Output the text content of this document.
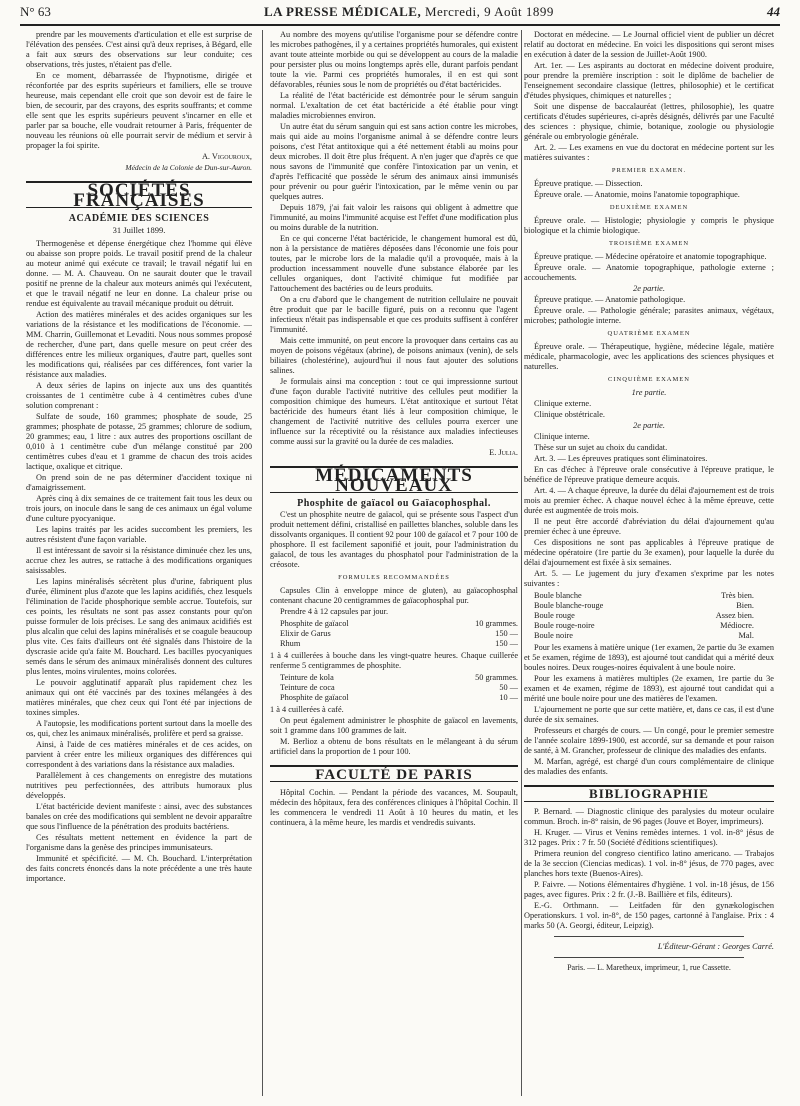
N° 63	LA PRESSE MÉDICALE, Mercredi, 9 Août 1899	44

prendre par les mouvements d'articulation et elle est surprise de l'élévation des pensées. C'est ainsi qu'à deux reprises, à Bégard, elle a fait aux sœurs des observations sur leur conduite; ces observations, très justes, n'étaient pas d'elle.

En ce moment, débarrassée de l'hypnotisme, dirigée et réconfortée par des esprits supérieurs et familiers, elle se trouve heureuse, mais cependant elle croit que son devoir est de faire le bien, de secourir, par des crayons, des esprits souffrants; et comme elle sent que les esprits supérieurs peuvent s'incarner en elle et parler par sa bouche, elle voudrait retourner à Paris, fréquenter de nouveau les réunions où elle pourrait servir de médium et servir à propager la foi spirite.

A. Vigouroux,

Médecin de la Colonie de Dun-sur-Auron.

SOCIÉTÉS FRANÇAISES
ACADÉMIE DES SCIENCES
31 Juillet 1899.

Thermogenèse et dépense énergétique chez l'homme qui élève ou abaisse son propre poids. Le travail positif prend de la chaleur au moteur animé qui exécute ce travail; le travail négatif lui en donne. — M. A. Chauveau. On ne saurait douter que le travail positif ne prenne de la chaleur aux moteurs animés qui l'exécutent, et que le travail négatif ne leur en donne. La chaleur prise ou rendue est équivalente au travail mécanique produit ou détruit.

Action des matières minérales et des acides organiques sur les variations de la résistance et les modifications de l'économie. — MM. Charrin, Guillemonat et Levaditi. Nous nous sommes proposé de rechercher, d'une part, dans quelle mesure on peut créer des différences entre les milieux organiques, d'autre part, quelles sont les modifications qui, réalisées par ces différences, font varier la résistance aux maladies.

A deux séries de lapins on injecte aux uns des quantités croissantes de 1 centimètre cube à 4 centimètres cubes d'une solution comprenant :

Sulfate de soude, 160 grammes; phosphate de soude, 25 grammes; phosphate de potasse, 25 grammes; chlorure de sodium, 20 grammes; eau, 1 litre : aux autres des proportions oscillant de 0,010 à 1 centimètre cube d'un mélange constitué par 200 centimètres cubes d'eau et 1 gramme de chacun des trois acides lactique, oxalique et citrique.

On prend soin de ne pas déterminer d'accident toxique ni d'amaigrissement.

Après cinq à dix semaines de ce traitement fait tous les deux ou trois jours, on inocule dans le sang de ces animaux un égal volume d'une culture pyocyanique.

Les lapins traités par les acides succombent les premiers, les autres résistent d'une façon variable.

Il est intéressant de savoir si la résistance diminuée chez les uns, accrue chez les autres, se rattache à des modifications organiques saisissables.

Les lapins minéralisés sécrètent plus d'urine, fabriquent plus d'urée, éliminent plus d'azote que les lapins acidifiés, chez lesquels l'élimination de l'acide phosphorique semble accrue. Toutefois, sur ces points, les résultats ne sont pas assez constants pour qu'on puisse formuler de lois précises. Le sang des animaux acidifiés est plus alcalin que celui des lapins minéralisés et se coagule beaucoup plus vite. Ces faits d'ailleurs ont été signalés dans l'histoire de la dyscrasie acide qu'a faite M. Bouchard. Les bacilles pyocyaniques semés dans le sérum des animaux minéralisés donnent des cultures plus lentes, moins virulentes, moins colorées.

Le pouvoir agglutinatif apparaît plus rapidement chez les animaux qui ont été vaccinés par des toxines mélangées à des matières minérales, que chez ceux qui l'ont été par injections de toxines simples.

A l'autopsie, les modifications portent surtout dans la moelle des os, qui, chez les animaux minéralisés, prolifère et perd sa graisse.

Ainsi, à l'aide de ces matières minérales et de ces acides, on parvient à créer entre les milieux organiques des différences qui correspondent à des variations dans la résistance aux maladies.

Parallèlement à ces changements on enregistre des mutations nutritives peu perfectionnées, des attributs humoraux plus développés.

L'état bactéricide devient manifeste : ainsi, avec des substances banales on crée des modifications qui semblent ne devoir apparaître que sous l'influence de la pénétration des produits bactériens.

Ces résultats mettent nettement en évidence la part de l'organisme dans la genèse des principes immunisateurs.

Immunité et spécificité. — M. Ch. Bouchard. L'interprétation des faits concrets énoncés dans la note précédente a une très haute importance.

Au nombre des moyens qu'utilise l'organisme pour se défendre contre les microbes pathogènes, il y a certaines propriétés humorales, qui existent avant toute atteinte morbide ou qui se développent au cours de la maladie pour persister plus ou moins longtemps après elle, durant parfois pendant toute la vie. Parmi ces propriétés humorales, il en est qui sont défavorables, réunies sous le nom de propriétés ou d'état bactéricides.

La réalité de l'état bactéricide est démontrée pour le sérum sanguin normal. L'exaltation de cet état bactéricide a été établie pour vingt maladies microbiennes environ.

Un autre état du sérum sanguin qui est sans action contre les microbes, mais qui aide au moins l'organisme animal à se défendre contre leurs poisons, c'est l'état antitoxique qui a été nettement établi au moins pour deux microbes. Il doit être plus fréquent. A n'en juger que d'après ce que nous savons de l'immunité que confère l'intoxication par un venin, et d'après l'efficacité que possède le sérum des animaux ainsi immunisés pour prévenir ou pour guérir l'intoxication, par le même venin ou par quelques autres.

Depuis 1879, j'ai fait valoir les raisons qui obligent à admettre que l'immunité, au moins l'immunité acquise est l'effet d'une modification plus ou moins durable de la nutrition.

En ce qui concerne l'état bactéricide, le changement humoral est dû, non à la persistance de matières déposées dans l'économie une fois pour toutes, par le microbe lors de la maladie qu'il a provoquée, mais à la production incessamment nouvelle d'une substance élaborée par les cellules organiques, dont l'activité chimique fut modifiée par l'attouchement des bactéries ou de leurs produits.

On a cru d'abord que le changement de nutrition cellulaire ne pouvait être produit que par le bacille figuré, puis on a reconnu que l'agent infectieux n'était pas indispensable et que ces produits suffisent à conférer l'immunité.

Mais cette immunité, on peut encore la provoquer dans certains cas au moyen de poisons végétaux (abrine), de poisons animaux (venin), de sels biliaires (cholestérine), aujourd'hui il nous faut ajouter des solutions salines.

Je formulais ainsi ma conception : tout ce qui impressionne surtout d'une façon durable l'activité nutritive des cellules peut modifier la composition chimique des humeurs. L'état antitoxique et surtout l'état bactéricide des humeurs étant liés à leur composition chimique, le changement de l'activité nutritive des cellules pourra exercer une influence sur la réceptivité ou la résistance aux maladies infectieuses comme aussi sur la gravité ou la durée de ces maladies.

E. Julia.

MÉDICAMENTS NOUVEAUX
Phosphite de gaïacol ou Gaïacophosphal.

C'est un phosphite neutre de gaïacol, qui se présente sous l'aspect d'un produit nettement défini, cristallisé en paillettes blanches, soluble dans les dissolvants organiques. Il contient 92 pour 100 de gaïacol et 7 pour 100 de phosphore. Il est facilement saponifié et jouit, pour l'administration du gaïacol, de tous les avantages du phosphatol pour l'administration de la créosote.

FORMULES RECOMMANDÉES

Capsules Clin à enveloppe mince de gluten), au gaïacophosphal contenant chacune 20 centigrammes de gaïacophosphal pur.

Prendre 4 à 12 capsules par jour.

Phosphite de gaïacol	10 grammes.
Elixir de Garus	150 —
Rhum	150 —

1 à 4 cuillerées à bouche dans les vingt-quatre heures. Chaque cuillerée renferme 5 centigrammes de phosphite.

Teinture de kola	50 grammes.
Teinture de coca	50 —
Phosphite de gaïacol	10 —

1 à 4 cuillerées à café.

On peut également administrer le phosphite de gaïacol en lavements, soit 1 gramme dans 100 grammes de lait.

M. Berlioz a obtenu de bons résultats en le mélangeant à du sérum artificiel dans la proportion de 1 pour 100.

FACULTÉ DE PARIS

Hôpital Cochin. — Pendant la période des vacances, M. Soupault, médecin des hôpitaux, fera des conférences cliniques à l'hôpital Cochin. Il les commencera le vendredi 11 Août à 10 heures du matin, et les continuera, à la même heure, les mardis et vendredis suivants.

Doctorat en médecine. — Le Journal officiel vient de publier un décret relatif au doctorat en médecine. En voici les dispositions qui seront mises en exécution à dater de la session de Juillet-Août 1900.

Art. 1er. — Les aspirants au doctorat en médecine doivent produire, pour prendre la première inscription : soit le diplôme de bachelier de l'enseignement secondaire classique (lettres, philosophie) et le certificat d'études physiques, chimiques et naturelles ;

Soit une dispense de baccalauréat (lettres, philosophie), les quatre certificats d'études supérieures, ci-après désignés, délivrés par une Faculté des sciences : physique, chimie, botanique, zoologie ou physiologie générale ou embryologie générale.

Art. 2. — Les examens en vue du doctorat en médecine portent sur les matières suivantes :

PREMIER EXAMEN.

Épreuve pratique. — Dissection.

Épreuve orale. — Anatomie, moins l'anatomie topographique.

DEUXIÈME EXAMEN

Épreuve orale. — Histologie; physiologie y compris le physique biologique et la chimie biologique.

TROISIÈME EXAMEN

Épreuve pratique. — Médecine opératoire et anatomie topographique.

Épreuve orale. — Anatomie topographique, pathologie externe ; accouchements.

2e partie.

Épreuve pratique. — Anatomie pathologique.

Épreuve orale. — Pathologie générale; parasites animaux, végétaux, microbes; pathologie interne.

QUATRIÈME EXAMEN

Épreuve orale. — Thérapeutique, hygiène, médecine légale, matière médicale, pharmacologie, avec les applications des sciences physiques et naturelles.

CINQUIÈME EXAMEN

1re partie.

Clinique externe.

Clinique obstétricale.

2e partie.

Clinique interne.

Thèse sur un sujet au choix du candidat.

Art. 3. — Les épreuves pratiques sont éliminatoires.

En cas d'échec à l'épreuve orale consécutive à l'épreuve pratique, le bénéfice de l'épreuve pratique demeure acquis.

Art. 4. — A chaque épreuve, la durée du délai d'ajournement est de trois mois au premier échec. A chaque nouvel échec à la même épreuve, cette durée est augmentée de trois mois.

Il ne peut être accordé d'abréviation du délai d'ajournement qu'au premier échec à une épreuve.

Ces dispositions ne sont pas applicables à l'épreuve pratique de médecine opératoire (1re partie du 3e examen), pour laquelle la durée du délai d'ajournement est fixée à six semaines.

Art. 5. — Le jugement du jury d'examen s'exprime par les notes suivantes :

Boule blanche	Très bien.
Boule blanche-rouge	Bien.
Boule rouge	Assez bien.
Boule rouge-noire	Médiocre.
Boule noire	Mal.

Pour les examens à matière unique (1er examen, 2e partie du 3e examen et 5e examen, régime de 1893), est ajourné tout candidat qui a mérité deux boules noires. Deux rouges-noires équivalent à une boule noire.

Pour les examens à matières multiples (2e examen, 1re partie du 3e examen et 4e examen, régime de 1893), est ajourné tout candidat qui a mérité une boule noire pour une des matières de l'examen.

L'ajournement ne porte que sur cette matière, et, dans ce cas, il est d'une durée de six semaines.

Professeurs et chargés de cours. — Un congé, pour le premier semestre de l'année scolaire 1899-1900, est accordé, sur sa demande et pour raison de santé, à M. Grancher, professeur de clinique des maladies des enfants.

M. Marfan, agrégé, est chargé d'un cours complémentaire de clinique des maladies des enfants.

BIBLIOGRAPHIE

P. Bernard. — Diagnostic clinique des paralysies du moteur oculaire commun. Broch. in-8° raisin, de 96 pages (Jouve et Boyer, imprimeurs).

H. Kruger. — Virus et Venins remèdes internes. 1 vol. in-8° jésus de 312 pages. Prix : 7 fr. 50 (Société d'éditions scientifiques).

Primera reunion del congreso cientifico latino americano. — Trabajos de la 3e seccion (Ciencias medicas). 1 vol. in-8° jésus, de 770 pages, avec planches hors texte (Buenos-Aires).

P. Faivre. — Notions élémentaires d'hygiène. 1 vol. in-18 jésus, de 156 pages, avec figures. Prix : 2 fr. (J.-B. Baillière et fils, éditeurs).

E.-G. Orthmann. — Leitfaden für den gynækologischen Operationskurs. 1 vol. in-8°, de 150 pages, cartonné à l'anglaise. Prix : 4 marks 50 (A. Georgi, éditeur, Leipzig).

L'Éditeur-Gérant : Georges Carré.

Paris. — L. Maretheux, imprimeur, 1, rue Cassette.
